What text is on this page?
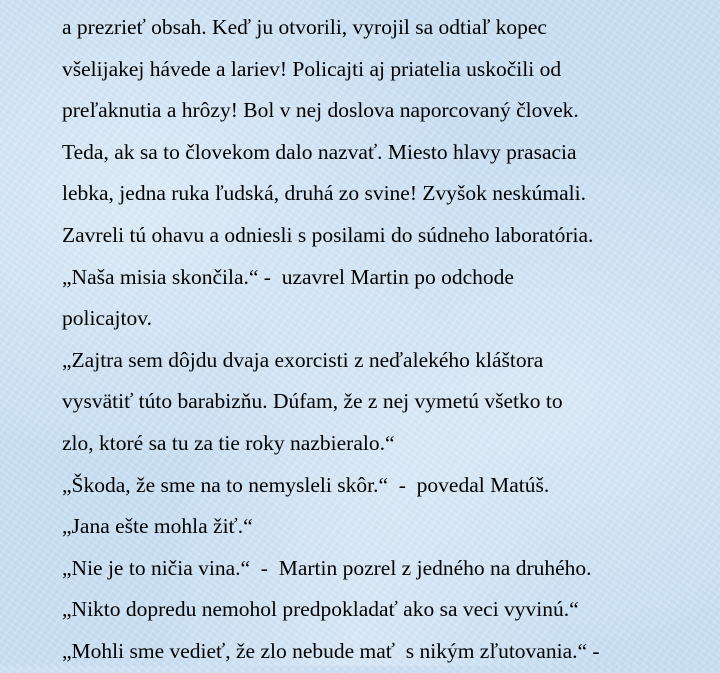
a prezrieť obsah. Keď ju otvorili, vyrojil sa odtiaľ kopec
všelijakej hávede a lariev! Policajti aj priatelia uskočili od
preľaknutia a hrôzy! Bol v nej doslova naporcovaný človek.
Teda, ak sa to človekom dalo nazvať. Miesto hlavy prasacia
lebka, jedna ruka ľudská, druhá zo svine! Zvyšok neskúmali.
Zavreli tú ohavu a odniesli s posilami do súdneho laboratória.
„Naša misia skončila.“ -  uzavrel Martin po odchode
policajtov.
„Zajtra sem dôjdu dvaja exorcisti z neďalekého kláštora
vysvätiť túto barabizňu. Dúfam, že z nej vymetú všetko to
zlo, ktoré sa tu za tie roky nazbieralo.“
„Škoda, že sme na to nemysleli skôr.“  -  povedal Matúš.
„Jana ešte mohla žiť.“
„Nie je to ničia vina.“  -  Martin pozrel z jedného na druhého.
„Nikto dopredu nemohol predpokladať ako sa veci vyvinú.“
„Mohli sme vedieť, že zlo nebude mať  s nikým zľutovania.“ -
